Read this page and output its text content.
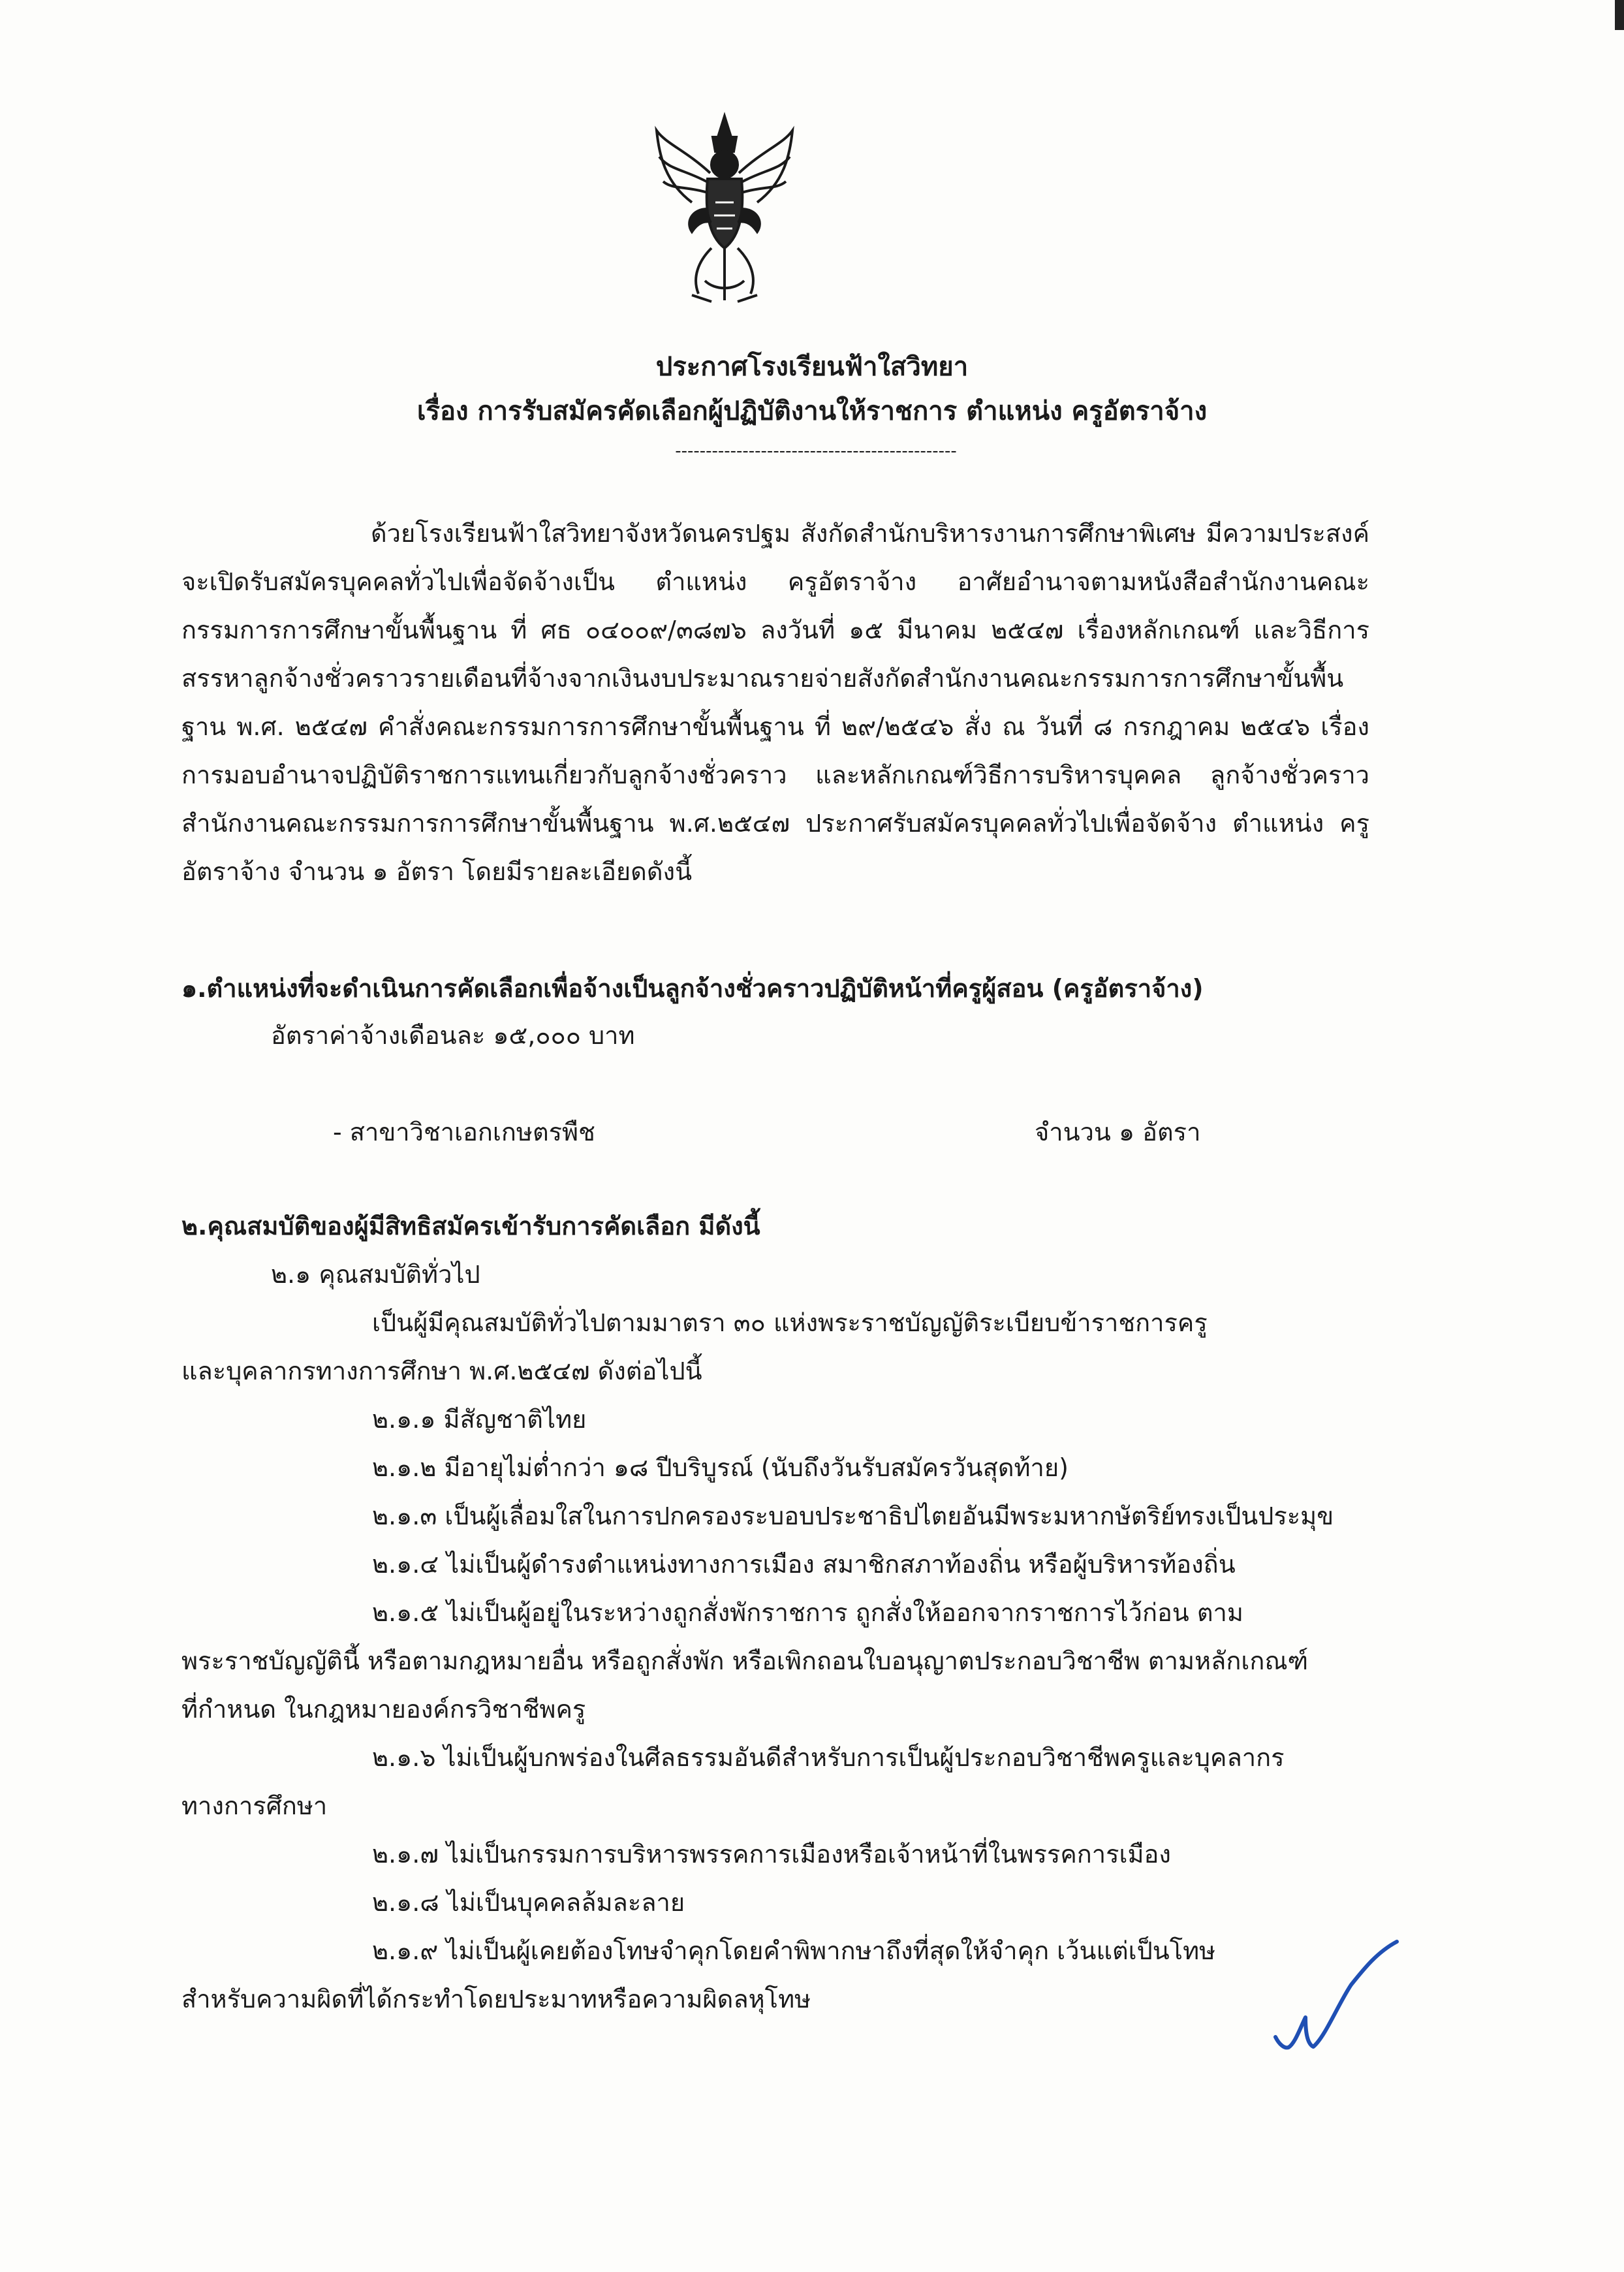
ประกาศโรงเรียนฟ้าใสวิทยา
เรื่อง การรับสมัครคัดเลือกผู้ปฏิบัติงานให้ราชการ ตำแหน่ง ครูอัตราจ้าง
----------------------------------------------
ด้วยโรงเรียนฟ้าใสวิทยาจังหวัดนครปฐม สังกัดสำนักบริหารงานการศึกษาพิเศษ มีความประสงค์จะเปิดรับสมัครบุคคลทั่วไปเพื่อจัดจ้างเป็น ตำแหน่ง ครูอัตราจ้าง อาศัยอำนาจตามหนังสือสำนักงานคณะกรรมการการศึกษาขั้นพื้นฐาน ที่ ศธ ๐๔๐๐๙/๓๘๗๖ ลงวันที่ ๑๕ มีนาคม ๒๕๔๗ เรื่องหลักเกณฑ์ และวิธีการสรรหาลูกจ้างชั่วคราวรายเดือนที่จ้างจากเงินงบประมาณรายจ่ายสังกัดสำนักงานคณะกรรมการการศึกษาขั้นพื้นฐาน พ.ศ. ๒๕๔๗ คำสั่งคณะกรรมการการศึกษาขั้นพื้นฐาน ที่ ๒๙/๒๕๔๖ สั่ง ณ วันที่ ๘ กรกฎาคม ๒๕๔๖ เรื่อง การมอบอำนาจปฏิบัติราชการแทนเกี่ยวกับลูกจ้างชั่วคราว และหลักเกณฑ์วิธีการบริหารบุคคล ลูกจ้างชั่วคราว สำนักงานคณะกรรมการการศึกษาขั้นพื้นฐาน พ.ศ.๒๕๔๗ ประกาศรับสมัครบุคคลทั่วไปเพื่อจัดจ้าง ตำแหน่ง ครูอัตราจ้าง จำนวน ๑ อัตรา โดยมีรายละเอียดดังนี้
๑.ตำแหน่งที่จะดำเนินการคัดเลือกเพื่อจ้างเป็นลูกจ้างชั่วคราวปฏิบัติหน้าที่ครูผู้สอน (ครูอัตราจ้าง)
อัตราค่าจ้างเดือนละ ๑๕,๐๐๐ บาท
- สาขาวิชาเอกเกษตรพืช	จำนวน ๑ อัตรา
๒.คุณสมบัติของผู้มีสิทธิสมัครเข้ารับการคัดเลือก มีดังนี้
๒.๑ คุณสมบัติทั่วไป
เป็นผู้มีคุณสมบัติทั่วไปตามมาตรา ๓๐ แห่งพระราชบัญญัติระเบียบข้าราชการครู
และบุคลากรทางการศึกษา พ.ศ.๒๕๔๗ ดังต่อไปนี้
๒.๑.๑ มีสัญชาติไทย
๒.๑.๒ มีอายุไม่ต่ำกว่า ๑๘ ปีบริบูรณ์ (นับถึงวันรับสมัครวันสุดท้าย)
๒.๑.๓ เป็นผู้เลื่อมใสในการปกครองระบอบประชาธิปไตยอันมีพระมหากษัตริย์ทรงเป็นประมุข
๒.๑.๔ ไม่เป็นผู้ดำรงตำแหน่งทางการเมือง สมาชิกสภาท้องถิ่น หรือผู้บริหารท้องถิ่น
๒.๑.๕ ไม่เป็นผู้อยู่ในระหว่างถูกสั่งพักราชการ ถูกสั่งให้ออกจากราชการไว้ก่อน ตาม
พระราชบัญญัตินี้ หรือตามกฎหมายอื่น หรือถูกสั่งพัก หรือเพิกถอนใบอนุญาตประกอบวิชาชีพ ตามหลักเกณฑ์
ที่กำหนด ในกฎหมายองค์กรวิชาชีพครู
๒.๑.๖ ไม่เป็นผู้บกพร่องในศีลธรรมอันดีสำหรับการเป็นผู้ประกอบวิชาชีพครูและบุคลากร
ทางการศึกษา
๒.๑.๗ ไม่เป็นกรรมการบริหารพรรคการเมืองหรือเจ้าหน้าที่ในพรรคการเมือง
๒.๑.๘ ไม่เป็นบุคคลล้มละลาย
๒.๑.๙ ไม่เป็นผู้เคยต้องโทษจำคุกโดยคำพิพากษาถึงที่สุดให้จำคุก เว้นแต่เป็นโทษ
สำหรับความผิดที่ได้กระทำโดยประมาทหรือความผิดลหุโทษ
